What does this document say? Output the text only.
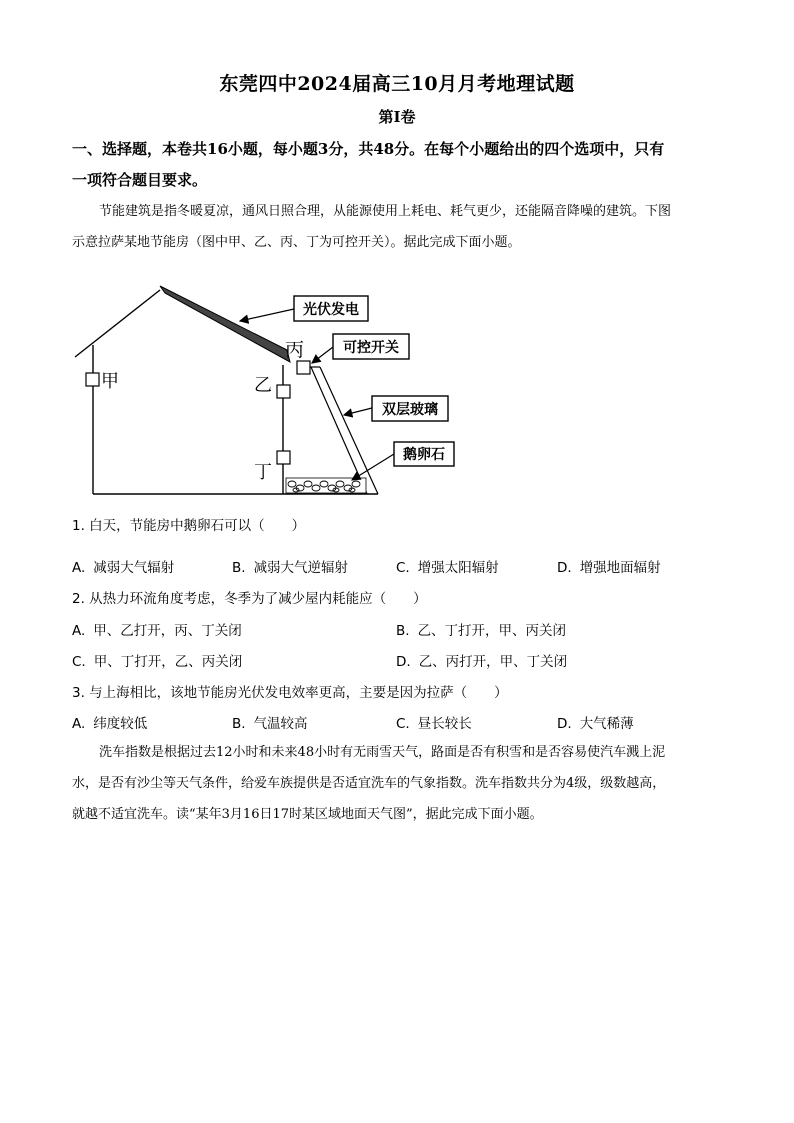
东莞四中2024届高三10月月考地理试题
第I卷
一、选择题，本卷共16小题，每小题3分，共48分。在每个小题给出的四个选项中，只有
一项符合题目要求。
节能建筑是指冬暖夏凉，通风日照合理，从能源使用上耗电、耗气更少，还能隔音降噪的建筑。下图
示意拉萨某地节能房（图中甲、乙、丙、丁为可控开关）。据此完成下面小题。
甲	乙
丙
丁
光伏发电
可控开关
双层玻璃
鹅卵石
1. 白天，节能房中鹅卵石可以（　　）
A. 减弱大气辐射	B. 减弱大气逆辐射	C. 增强太阳辐射	D. 增强地面辐射
2. 从热力环流角度考虑，冬季为了减少屋内耗能应（　　）
A. 甲、乙打开，丙、丁关闭	B. 乙、丁打开，甲、丙关闭
C. 甲、丁打开，乙、丙关闭	D. 乙、丙打开，甲、丁关闭
3. 与上海相比，该地节能房光伏发电效率更高，主要是因为拉萨（　　）
A. 纬度较低	B. 气温较高	C. 昼长较长	D. 大气稀薄
洗车指数是根据过去12小时和未来48小时有无雨雪天气，路面是否有积雪和是否容易使汽车溅上泥
水，是否有沙尘等天气条件，给爱车族提供是否适宜洗车的气象指数。洗车指数共分为4级，级数越高，
就越不适宜洗车。读“某年3月16日17时某区域地面天气图”，据此完成下面小题。
